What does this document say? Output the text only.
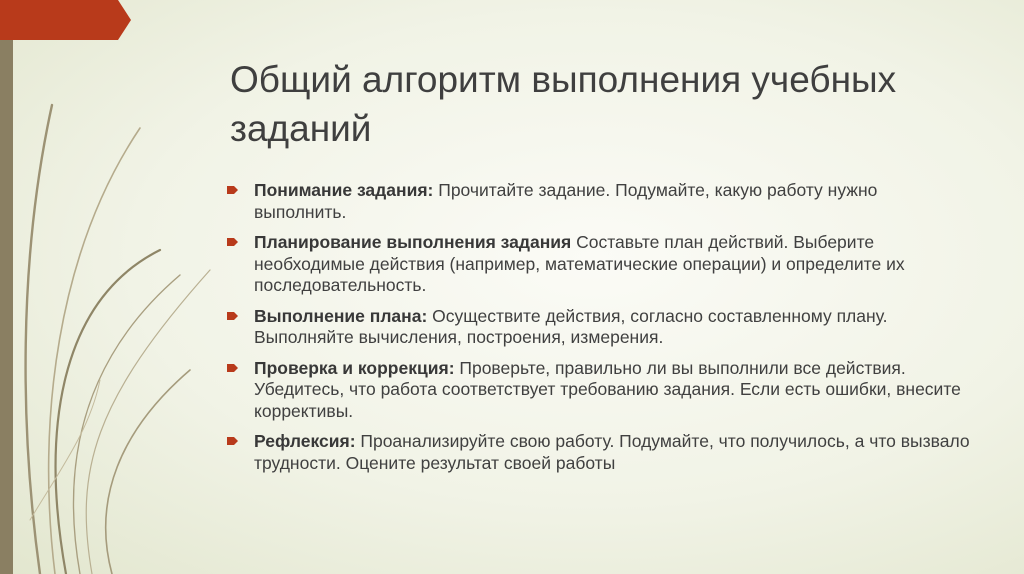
Общий алгоритм выполнения учебных заданий
Понимание задания: Прочитайте задание. Подумайте, какую работу нужно выполнить.
Планирование выполнения задания Составьте план действий. Выберите необходимые действия (например, математические операции) и определите их последовательность.
Выполнение плана: Осуществите действия, согласно составленному плану. Выполняйте вычисления, построения, измерения.
Проверка и коррекция: Проверьте, правильно ли вы выполнили все действия. Убедитесь, что работа соответствует требованию задания. Если есть ошибки, внесите коррективы.
Рефлексия: Проанализируйте свою работу. Подумайте, что получилось, а что вызвало трудности. Оцените результат своей работы
